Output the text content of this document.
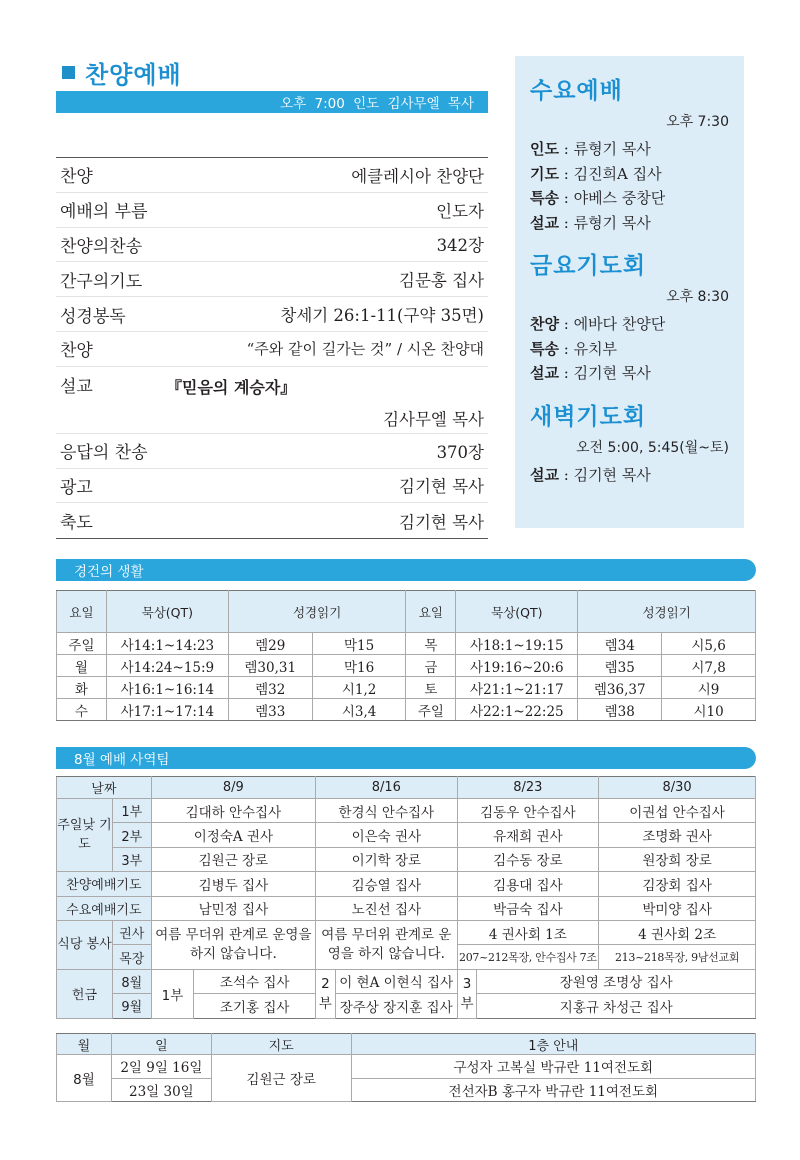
찬양예배
오후 7:00 인도 김사무엘 목사
찬양	에클레시아 찬양단
예배의 부름	인도자
찬양의찬송	342장
간구의기도	김문홍 집사
성경봉독	창세기 26:1-11(구약 35면)
찬양	“주와 같이 길가는 것” / 시온 찬양대
설교	『믿음의 계승자』
김사무엘 목사
응답의 찬송	370장
광고	김기현 목사
축도	김기현 목사
수요예배
오후 7:30
인도 : 류형기 목사
기도 : 김진희A 집사
특송 : 야베스 중창단
설교 : 류형기 목사
금요기도회
오후 8:30
찬양 : 에바다 찬양단
특송 : 유치부
설교 : 김기현 목사
새벽기도회
오전 5:00, 5:45(월~토)
설교 : 김기현 목사
경건의 생활
요일	묵상(QT)	성경읽기		요일	묵상(QT)	성경읽기	
주일	사14:1~14:23	렘29	막15	목	사18:1~19:15	렘34	시5,6
월	사14:24~15:9	렘30,31	막16	금	사19:16~20:6	렘35	시7,8
화	사16:1~16:14	렘32	시1,2	토	사21:1~21:17	렘36,37	시9
수	사17:1~17:14	렘33	시3,4	주일	사22:1~22:25	렘38	시10
8월 예배 사역팀
날짜		8/9		8/16		8/23		8/30
주일낮 기도	1부	김대하 안수집사		한경식 안수집사		김동우 안수집사		이권섭 안수집사
	2부	이정숙A 권사		이은숙 권사		유재희 권사		조명화 권사
	3부	김원근 장로		이기학 장로		김수동 장로		원장희 장로
찬양예배기도		김병두 집사		김승열 집사		김용대 집사		김장회 집사
수요예배기도		남민정 집사		노진선 집사		박금숙 집사		박미양 집사
식당 봉사	권사	여름 무더위 관계로 운영을 하지 않습니다.		여름 무더위 관계로 운영을 하지 않습니다.		4 권사회 1조		4 권사회 2조
	목장					207~212목장, 안수집사 7조		213~218목장, 9남선교회
헌금	8월	1부	조석수 집사	2부	이 현A 이현식 집사	3부	장원영 조명상 집사	
	9월		조기홍 집사		장주상 장지훈 집사		지홍규 차성근 집사	
월	일	지도	1층 안내
8월	2일 9일 16일	김원근 장로	구성자 고복실 박규란 11여전도회
	23일 30일		전선자B 홍구자 박규란 11여전도회
